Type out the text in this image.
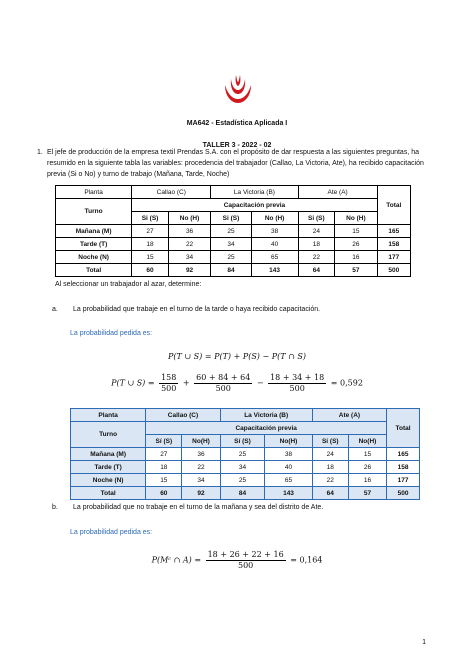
MA642 - Estadística Aplicada I
TALLER 3 - 2022 - 02
1. El jefe de producción de la empresa textil Prendas S.A. con el propósito de dar respuesta a las siguientes preguntas, ha resumido en la siguiente tabla las variables: procedencia del trabajador (Callao, La Victoria, Ate), ha recibido capacitación previa (Si o No) y turno de trabajo (Mañana, Tarde, Noche)
Planta	Callao (C)		La Victoria (B)		Ate (A)		Total
Turno	Capacitación previa						
	Si (S)	No (H)	Si (S)	No (H)	Si (S)	No (H)	
Mañana (M)	27	36	25	38	24	15	165
Tarde (T)	18	22	34	40	18	26	158
Noche (N)	15	34	25	65	22	16	177
Total	60	92	84	143	64	57	500
Al seleccionar un trabajador al azar, determine:
a. La probabilidad que trabaje en el turno de la tarde o haya recibido capacitación.
La probabilidad pedida es:
P(T ∪ S) = P(T) + P(S) − P(T ∩ S)
P(T ∪ $S) = \frac{158}{500} + \frac{60 + 84 + 64}{500} - \frac{18 + 34 + 18}{500} = 0,592$
Planta	Callao (C)		La Victoria (B)		Ate (A)		Total
Turno	Capacitación previa						
	Sí (S)	No(H)	Sí (S)	No(H)	Sí (S)	No(H)	
Mañana (M)	27	36	25	38	24	15	165
Tarde (T)	18	22	34	40	18	26	158
Noche (N)	15	34	25	65	22	16	177
Total	60	92	84	143	64	57	500
b. La probabilidad que no trabaje en el turno de la mañana y sea del distrito de Ate.
La probabilidad pedida es:
P(Mᶜ ∩ $A) = \frac{18 + 26 + 22 + 16}{500} = 0,164$
1
